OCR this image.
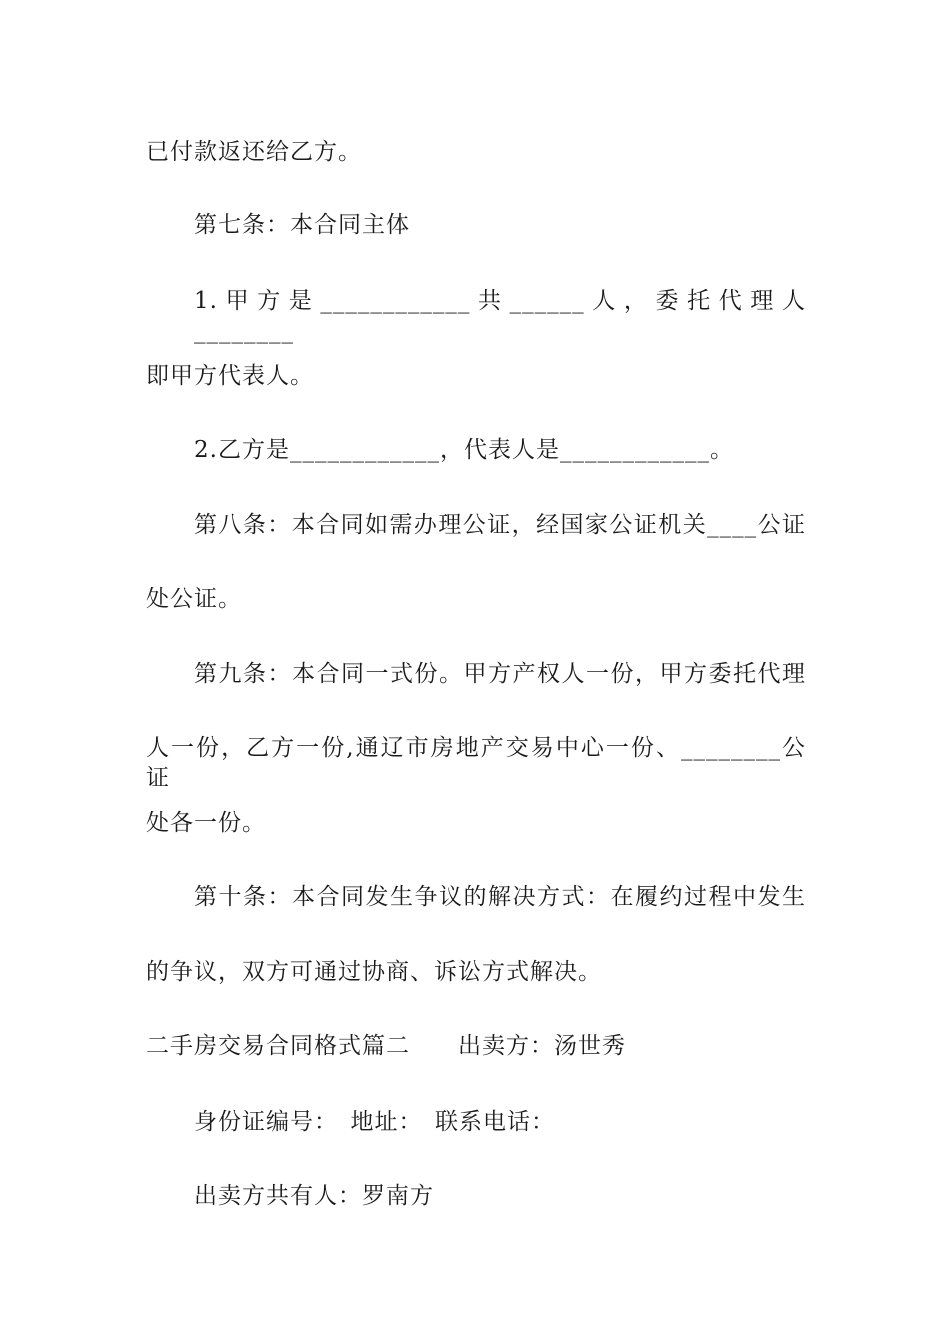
已付款返还给乙方。
第七条：本合同主体
1.甲方是____________共______人，委托代理人________
即甲方代表人。
2.乙方是____________，代表人是____________。
第八条：本合同如需办理公证，经国家公证机关____公证
处公证。
第九条：本合同一式份。甲方产权人一份，甲方委托代理
人一份，乙方一份,通辽市房地产交易中心一份、________公证
处各一份。
第十条：本合同发生争议的解决方式：在履约过程中发生
的争议，双方可通过协商、诉讼方式解决。
二手房交易合同格式篇二　　出卖方：汤世秀
身份证编号：　地址：　联系电话：
出卖方共有人：罗南方
